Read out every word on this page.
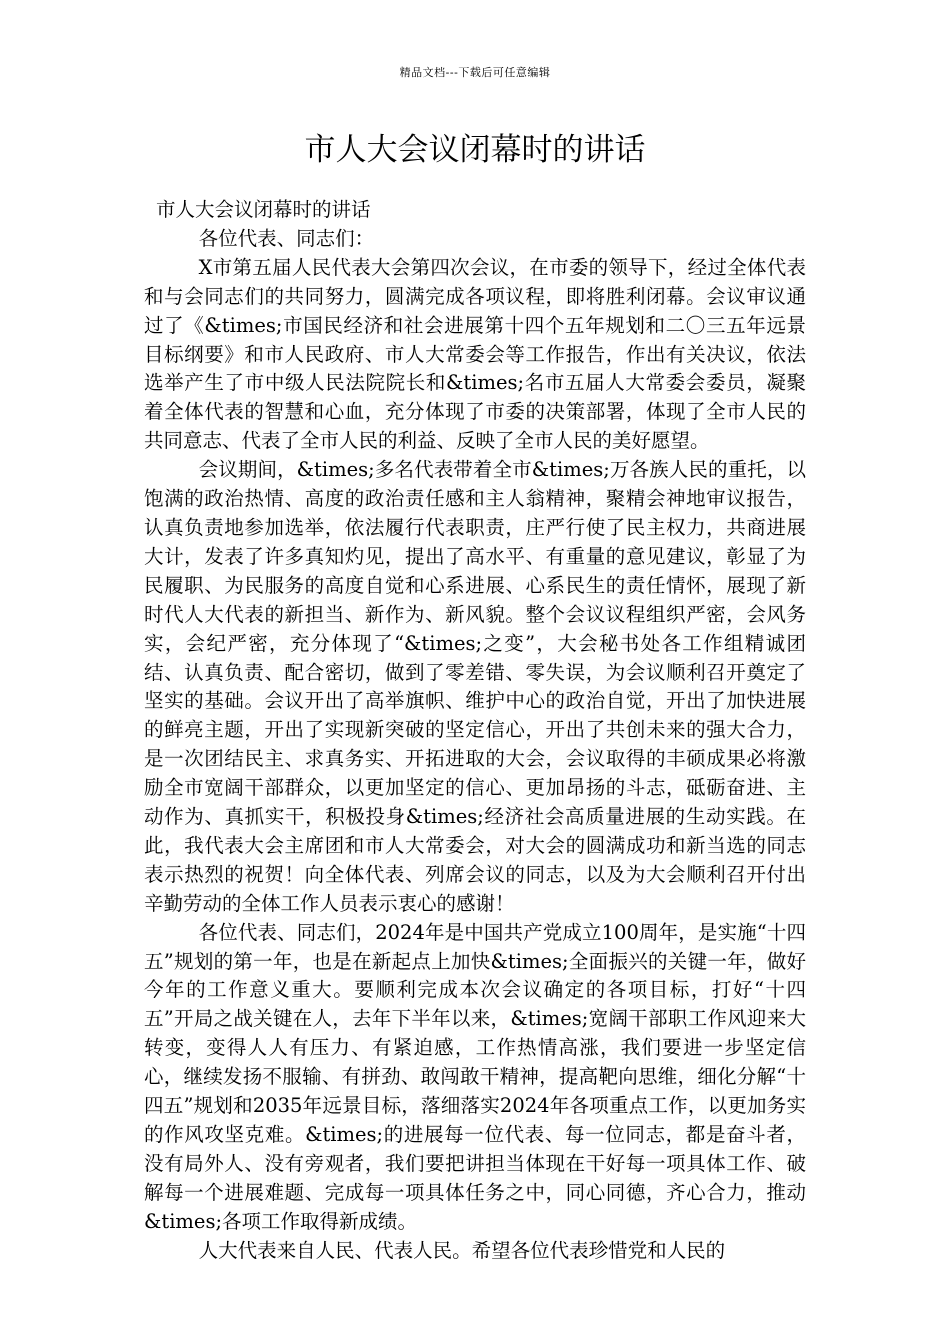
精品文档---下载后可任意编辑
市人大会议闭幕时的讲话

市人大会议闭幕时的讲话

各位代表、同志们：

X市第五届人民代表大会第四次会议，在市委的领导下，经过全体代表和与会同志们的共同努力，圆满完成各项议程，即将胜利闭幕。会议审议通过了《&times;市国民经济和社会进展第十四个五年规划和二〇三五年远景目标纲要》和市人民政府、市人大常委会等工作报告，作出有关决议，依法选举产生了市中级人民法院院长和&times;名市五届人大常委会委员，凝聚着全体代表的智慧和心血，充分体现了市委的决策部署，体现了全市人民的共同意志、代表了全市人民的利益、反映了全市人民的美好愿望。

会议期间，&times;多名代表带着全市&times;万各族人民的重托，以饱满的政治热情、高度的政治责任感和主人翁精神，聚精会神地审议报告，认真负责地参加选举，依法履行代表职责，庄严行使了民主权力，共商进展大计，发表了许多真知灼见，提出了高水平、有重量的意见建议，彰显了为民履职、为民服务的高度自觉和心系进展、心系民生的责任情怀，展现了新时代人大代表的新担当、新作为、新风貌。整个会议议程组织严密，会风务实，会纪严密，充分体现了“&times;之变”，大会秘书处各工作组精诚团结、认真负责、配合密切，做到了零差错、零失误，为会议顺利召开奠定了坚实的基础。会议开出了高举旗帜、维护中心的政治自觉，开出了加快进展的鲜亮主题，开出了实现新突破的坚定信心，开出了共创未来的强大合力，是一次团结民主、求真务实、开拓进取的大会，会议取得的丰硕成果必将激励全市宽阔干部群众，以更加坚定的信心、更加昂扬的斗志，砥砺奋进、主动作为、真抓实干，积极投身&times;经济社会高质量进展的生动实践。在此，我代表大会主席团和市人大常委会，对大会的圆满成功和新当选的同志表示热烈的祝贺！向全体代表、列席会议的同志，以及为大会顺利召开付出辛勤劳动的全体工作人员表示衷心的感谢！

各位代表、同志们，2024年是中国共产党成立100周年，是实施“十四五”规划的第一年，也是在新起点上加快&times;全面振兴的关键一年，做好今年的工作意义重大。要顺利完成本次会议确定的各项目标，打好“十四五”开局之战关键在人，去年下半年以来，&times;宽阔干部职工作风迎来大转变，变得人人有压力、有紧迫感，工作热情高涨，我们要进一步坚定信心，继续发扬不服输、有拼劲、敢闯敢干精神，提高靶向思维，细化分解“十四五”规划和2035年远景目标，落细落实2024年各项重点工作，以更加务实的作风攻坚克难。&times;的进展每一位代表、每一位同志，都是奋斗者，没有局外人、没有旁观者，我们要把讲担当体现在干好每一项具体工作、破解每一个进展难题、完成每一项具体任务之中，同心同德，齐心合力，推动&times;各项工作取得新成绩。

人大代表来自人民、代表人民。希望各位代表珍惜党和人民的
